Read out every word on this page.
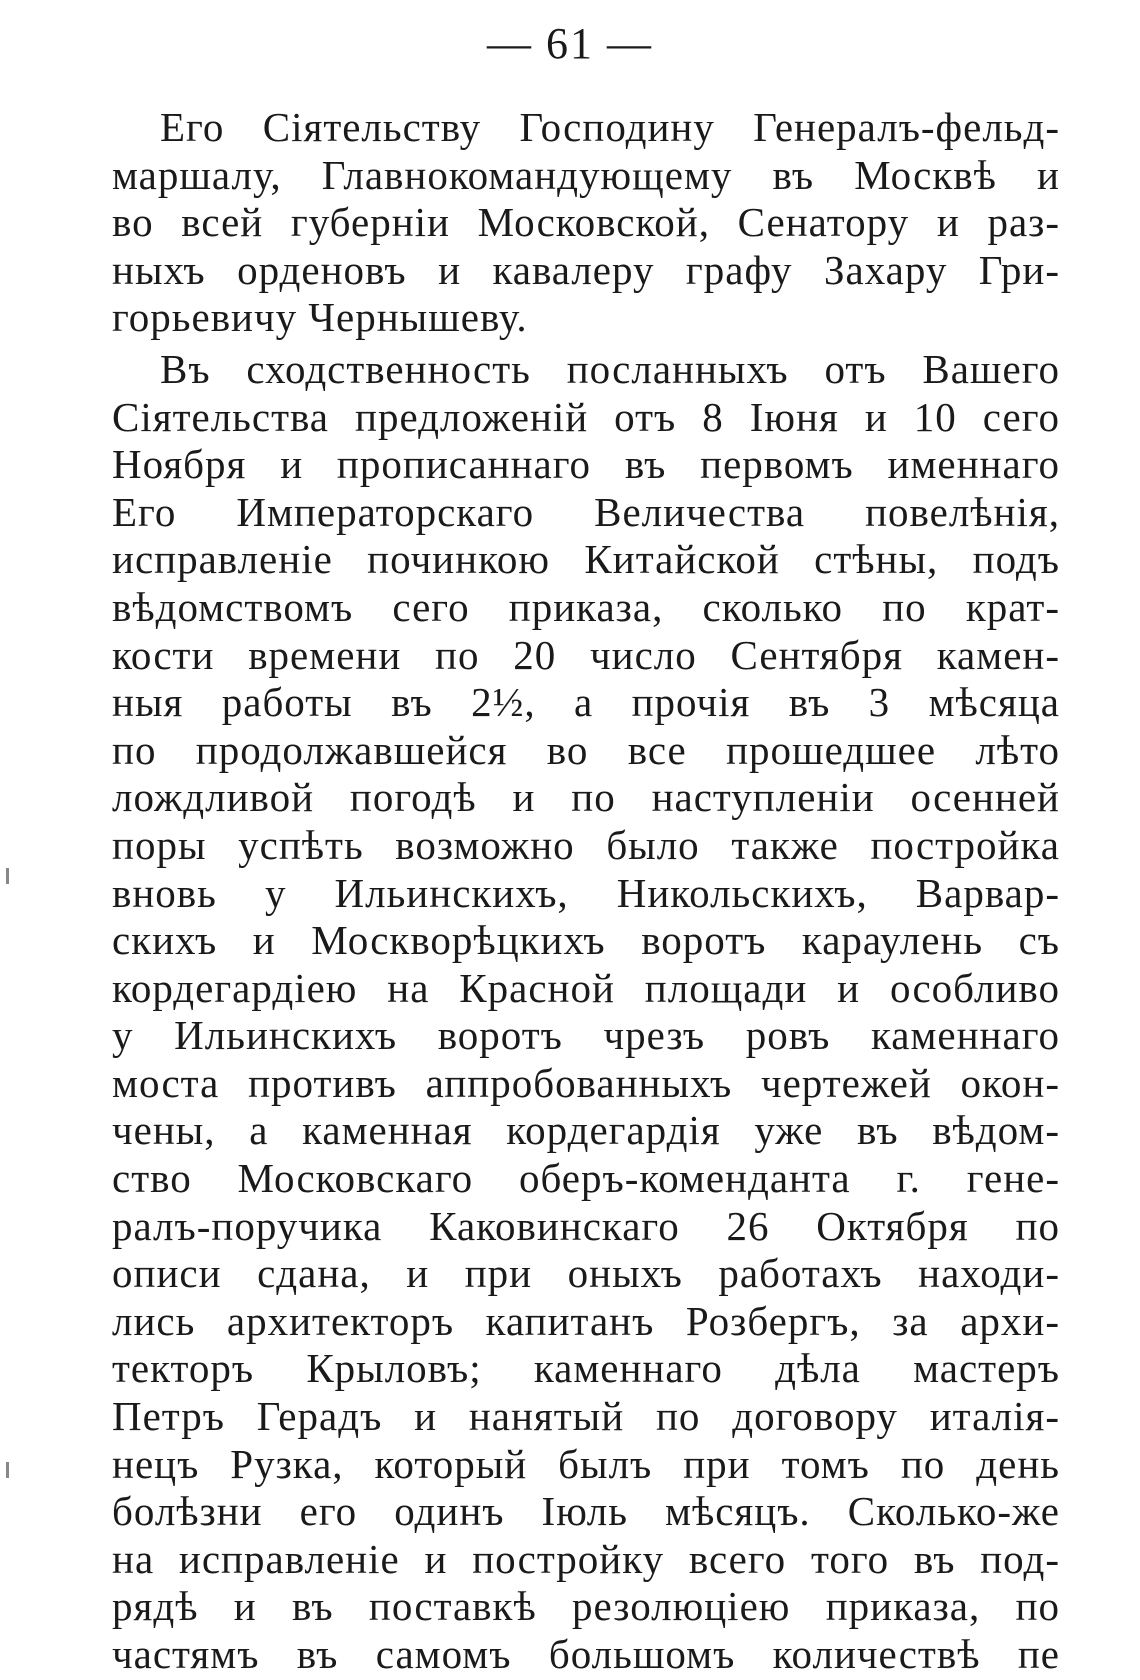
— 61 —

Его Сіятельству Господину Генералъ-фельд-
маршалу, Главнокомандующему въ Москвѣ и
во всей губерніи Московской, Сенатору и раз-
ныхъ орденовъ и кавалеру графу Захару Гри-
горьевичу Чернышеву.

Въ сходственность посланныхъ отъ Вашего
Сіятельства предложеній отъ 8 Іюня и 10 сего
Ноября и прописаннаго въ первомъ именнаго
Его Императорскаго Величества повелѣнія,
исправленіе починкою Китайской стѣны, подъ
вѣдомствомъ сего приказа, сколько по крат-
кости времени по 20 число Сентября камен-
ныя работы въ 2½, а прочія въ 3 мѣсяца
по продолжавшейся во все прошедшее лѣто
лождливой погодѣ и по наступленіи осенней
поры успѣть возможно было также постройка
вновь у Ильинскихъ, Никольскихъ, Варвар-
скихъ и Москворѣцкихъ воротъ караулень съ
кордегардіею на Красной площади и особливо
у Ильинскихъ воротъ чрезъ ровъ каменнаго
моста противъ аппробованныхъ чертежей окон-
чены, а каменная кордегардія уже въ вѣдом-
ство Московскаго оберъ-коменданта г. гене-
ралъ-поручика Каковинскаго 26 Октября по
описи сдана, и при оныхъ работахъ находи-
лись архитекторъ капитанъ Розбергъ, за архи-
текторъ Крыловъ; каменнаго дѣла мастеръ
Петръ Герадъ и нанятый по договору италія-
нецъ Рузка, который былъ при томъ по день
болѣзни его одинъ Іюль мѣсяцъ. Сколько-же
на исправленіе и постройку всего того въ под-
рядѣ и въ поставкѣ резолюціею приказа, по
частямъ въ самомъ большомъ количествѣ пе
